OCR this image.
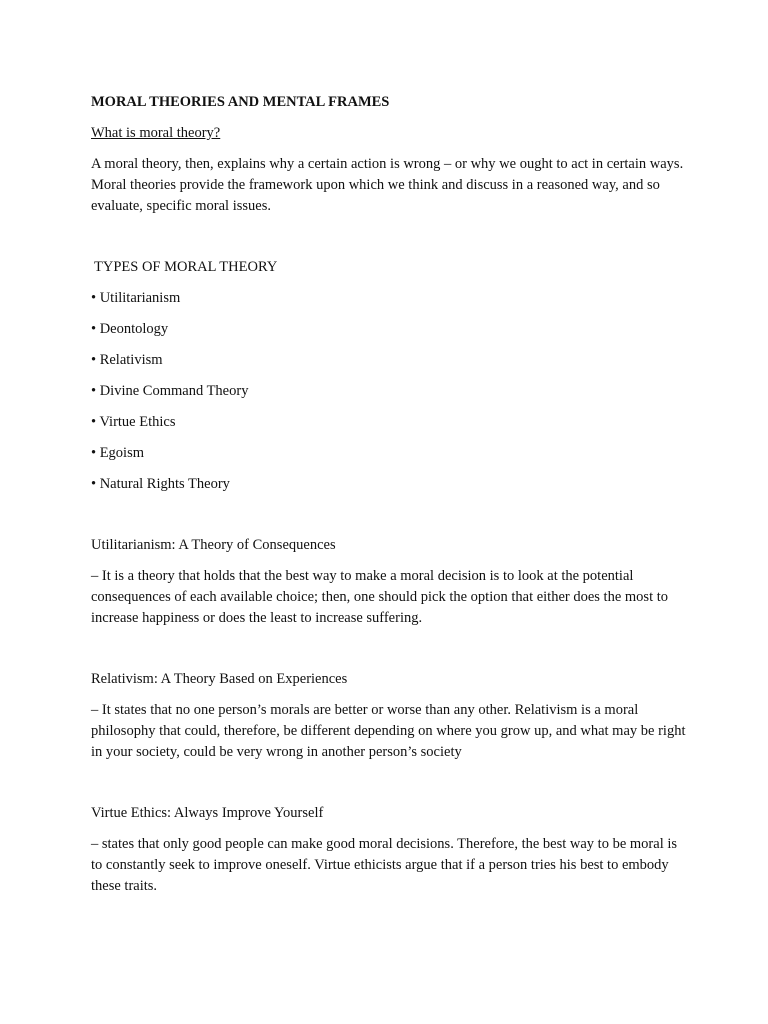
MORAL THEORIES AND MENTAL FRAMES

What is moral theory?

A moral theory, then, explains why a certain action is wrong – or why we ought to act in certain ways. Moral theories provide the framework upon which we think and discuss in a reasoned way, and so evaluate, specific moral issues.

TYPES OF MORAL THEORY

• Utilitarianism
• Deontology
• Relativism
• Divine Command Theory
• Virtue Ethics
• Egoism
• Natural Rights Theory

Utilitarianism: A Theory of Consequences

– It is a theory that holds that the best way to make a moral decision is to look at the potential consequences of each available choice; then, one should pick the option that either does the most to increase happiness or does the least to increase suffering.

Relativism: A Theory Based on Experiences

– It states that no one person’s morals are better or worse than any other. Relativism is a moral philosophy that could, therefore, be different depending on where you grow up, and what may be right in your society, could be very wrong in another person’s society

Virtue Ethics: Always Improve Yourself

– states that only good people can make good moral decisions. Therefore, the best way to be moral is to constantly seek to improve oneself. Virtue ethicists argue that if a person tries his best to embody these traits.
